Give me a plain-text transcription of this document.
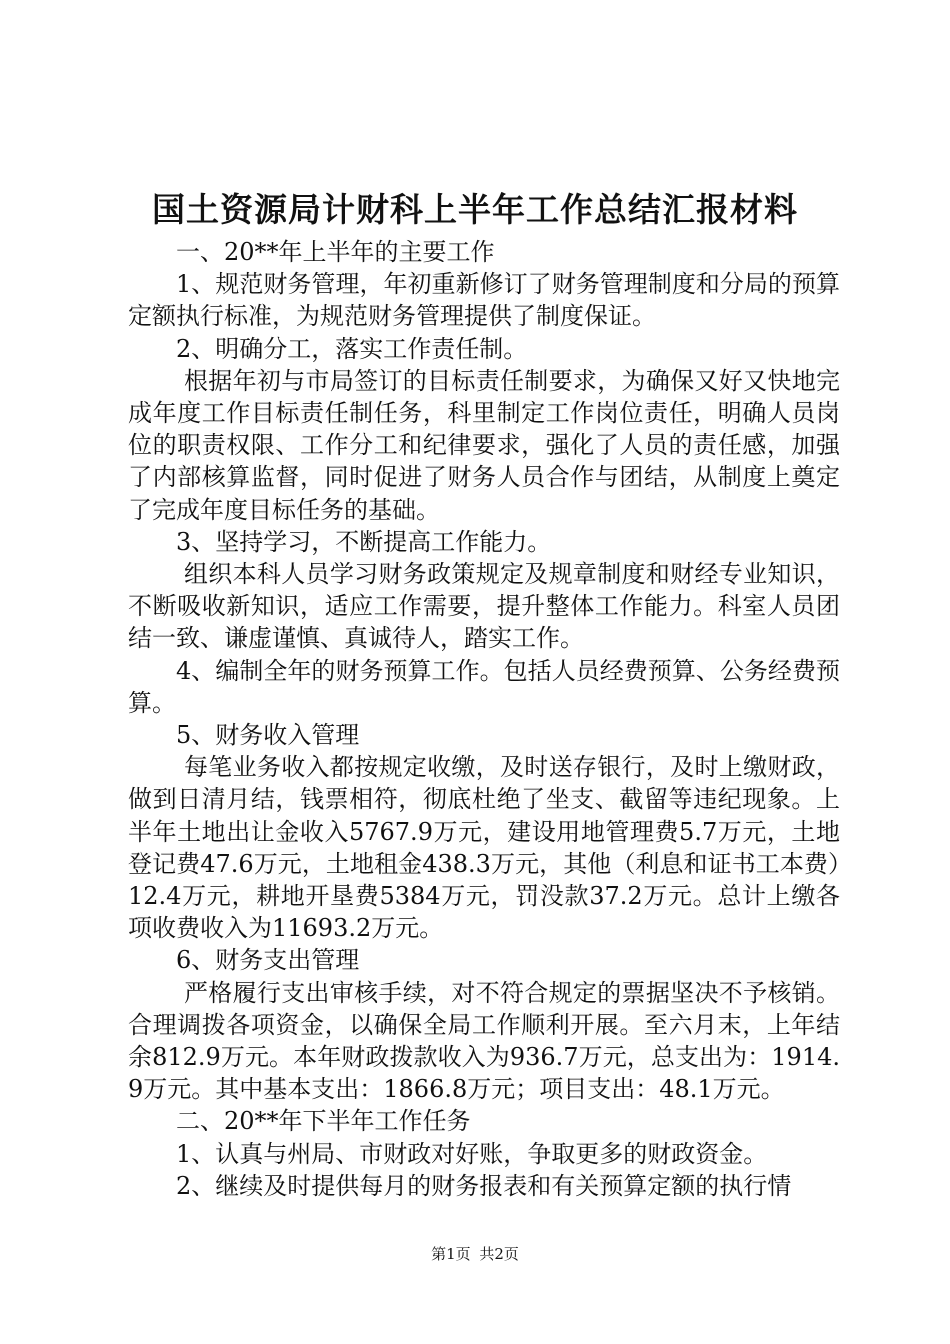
国土资源局计财科上半年工作总结汇报材料

一、20**年上半年的主要工作

1、规范财务管理，年初重新修订了财务管理制度和分局的预算定额执行标准，为规范财务管理提供了制度保证。

2、明确分工，落实工作责任制。

根据年初与市局签订的目标责任制要求，为确保又好又快地完成年度工作目标责任制任务，科里制定工作岗位责任，明确人员岗位的职责权限、工作分工和纪律要求，强化了人员的责任感，加强了内部核算监督，同时促进了财务人员合作与团结，从制度上奠定了完成年度目标任务的基础。

3、坚持学习，不断提高工作能力。

组织本科人员学习财务政策规定及规章制度和财经专业知识，不断吸收新知识，适应工作需要，提升整体工作能力。科室人员团结一致、谦虚谨慎、真诚待人，踏实工作。

4、编制全年的财务预算工作。包括人员经费预算、公务经费预算。

5、财务收入管理

每笔业务收入都按规定收缴，及时送存银行，及时上缴财政，做到日清月结，钱票相符，彻底杜绝了坐支、截留等违纪现象。上半年土地出让金收入5767.9万元，建设用地管理费5.7万元，土地登记费47.6万元，土地租金438.3万元，其他（利息和证书工本费）12.4万元，耕地开垦费5384万元，罚没款37.2万元。总计上缴各项收费收入为11693.2万元。

6、财务支出管理

严格履行支出审核手续，对不符合规定的票据坚决不予核销。合理调拨各项资金，以确保全局工作顺利开展。至六月末，上年结余812.9万元。本年财政拨款收入为936.7万元，总支出为：1914.9万元。其中基本支出：1866.8万元；项目支出：48.1万元。

二、20**年下半年工作任务

1、认真与州局、市财政对好账，争取更多的财政资金。

2、继续及时提供每月的财务报表和有关预算定额的执行情

第1页 共2页
